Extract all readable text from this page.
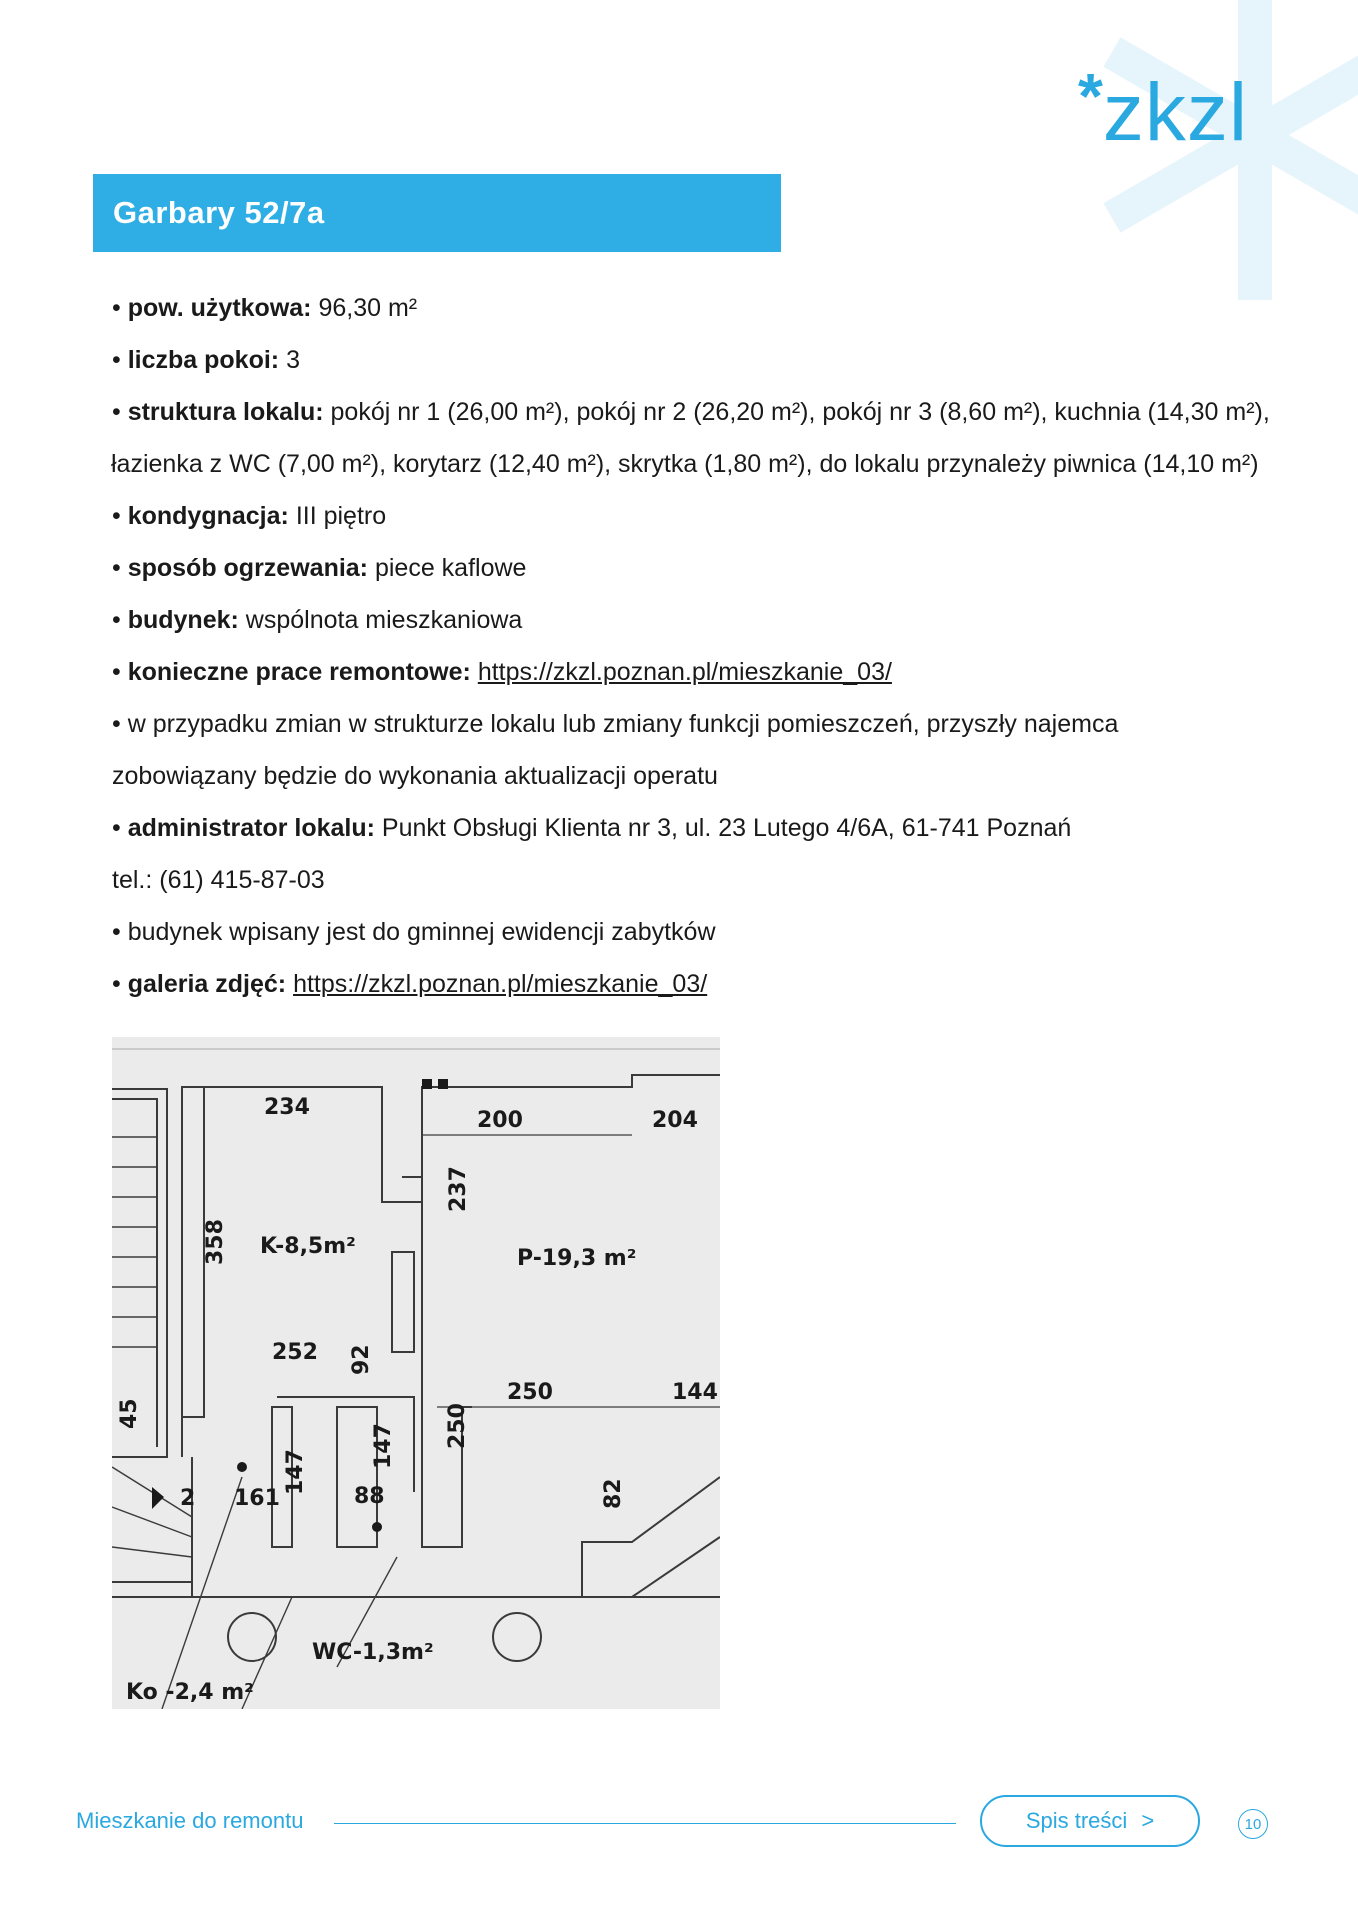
* zkzl
Garbary 52/7a
• pow. użytkowa: 96,30 m²
• liczba pokoi: 3
• struktura lokalu: pokój nr 1 (26,00 m²), pokój nr 2 (26,20 m²), pokój nr 3 (8,60 m²), kuchnia (14,30 m²),
łazienka z WC (7,00 m²), korytarz (12,40 m²), skrytka (1,80 m²), do lokalu przynależy piwnica (14,10 m²)
• kondygnacja: III piętro
• sposób ogrzewania: piece kaflowe
• budynek: wspólnota mieszkaniowa
• konieczne prace remontowe: https://zkzl.poznan.pl/mieszkanie_03/
• w przypadku zmian w strukturze lokalu lub zmiany funkcji pomieszczeń, przyszły najemca
zobowiązany będzie do wykonania aktualizacji operatu
• administrator lokalu: Punkt Obsługi Klienta nr 3, ul. 23 Lutego 4/6A, 61-741 Poznań
tel.: (61) 415-87-03
• budynek wpisany jest do gminnej ewidencji zabytków
• galeria zdjęć: https://zkzl.poznan.pl/mieszkanie_03/
234
200	204
237
358 K-8,5m²	P-19,3 m²
252 92
250
250	144
45
2 161
147
147
88	82
WC-1,3m²
Ko -2,4 m²
Mieszkanie do remontu	Spis treści >	10
